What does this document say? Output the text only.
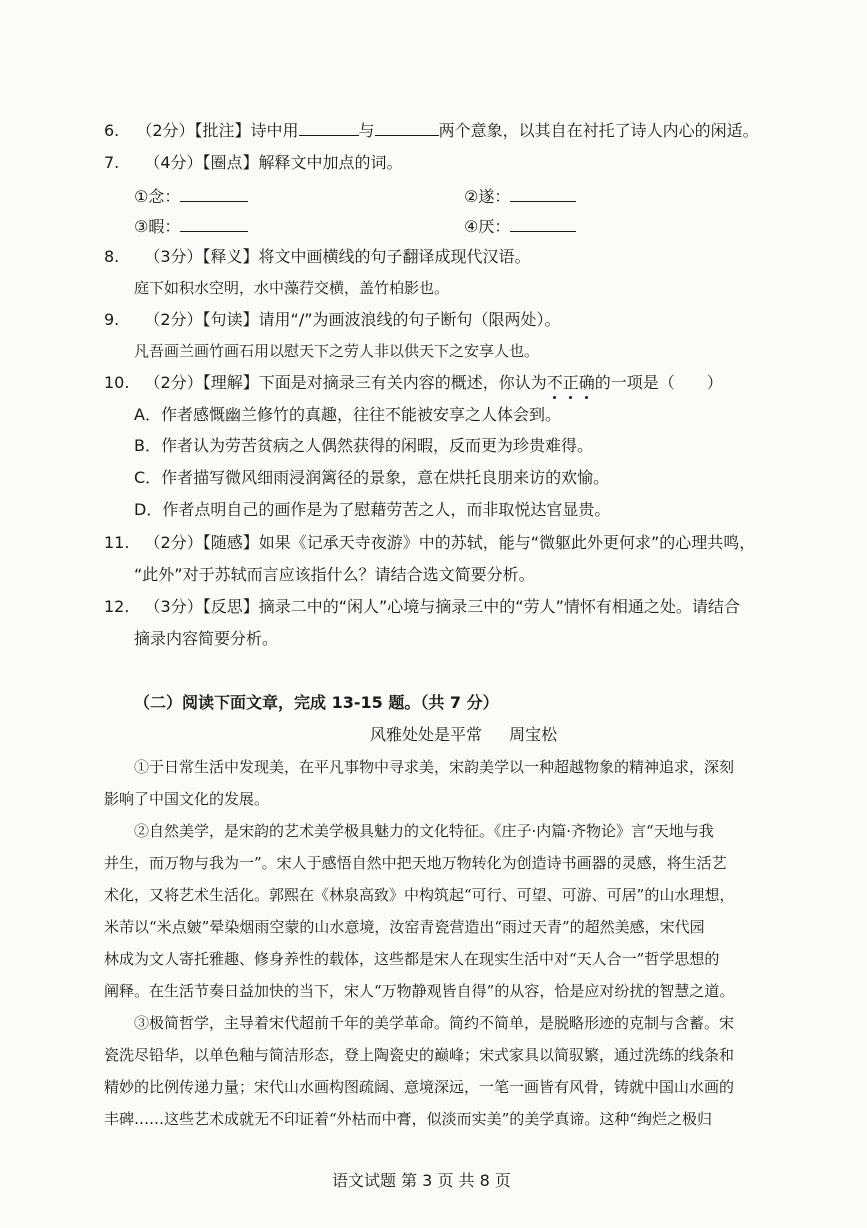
6. （2分）【批注】诗中用	与	两个意象，以其自在衬托了诗人内心的闲适。
7. （4分）【圈点】解释文中加点的词。
①念：	②遂：
③暇：	④厌：
8. （3分）【释义】将文中画横线的句子翻译成现代汉语。
庭下如积水空明，水中藻荇交横，盖竹柏影也。
9. （2分）【句读】请用“/”为画波浪线的句子断句（限两处）。
凡吾画兰画竹画石用以慰天下之劳人非以供天下之安享人也。
10. （2分）【理解】下面是对摘录三有关内容的概述，你认为不正确的一项是（　　）
A．作者感慨幽兰修竹的真趣，往往不能被安享之人体会到。
B．作者认为劳苦贫病之人偶然获得的闲暇，反而更为珍贵难得。
C．作者描写微风细雨浸润篱径的景象，意在烘托良朋来访的欢愉。
D．作者点明自己的画作是为了慰藉劳苦之人，而非取悦达官显贵。
11. （2分）【随感】如果《记承天寺夜游》中的苏轼，能与“微躯此外更何求”的心理共鸣，
“此外”对于苏轼而言应该指什么？请结合选文简要分析。
12. （3分）【反思】摘录二中的“闲人”心境与摘录三中的“劳人”情怀有相通之处。请结合
摘录内容简要分析。
（二）阅读下面文章，完成 13-15 题。（共 7 分）
风雅处处是平常 周宝松
①于日常生活中发现美，在平凡事物中寻求美，宋韵美学以一种超越物象的精神追求，深刻
影响了中国文化的发展。
②自然美学，是宋韵的艺术美学极具魅力的文化特征。《庄子·内篇·齐物论》言“天地与我
并生，而万物与我为一”。宋人于感悟自然中把天地万物转化为创造诗书画器的灵感，将生活艺
术化，又将艺术生活化。郭熙在《林泉高致》中构筑起“可行、可望、可游、可居”的山水理想，
米芾以“米点皴”晕染烟雨空蒙的山水意境，汝窑青瓷营造出“雨过天青”的超然美感，宋代园
林成为文人寄托雅趣、修身养性的载体，这些都是宋人在现实生活中对“天人合一”哲学思想的
阐释。在生活节奏日益加快的当下，宋人“万物静观皆自得”的从容，恰是应对纷扰的智慧之道。
③极简哲学，主导着宋代超前千年的美学革命。简约不简单，是脱略形迹的克制与含蓄。宋
瓷洗尽铅华，以单色釉与简洁形态，登上陶瓷史的巅峰；宋式家具以简驭繁，通过洗练的线条和
精妙的比例传递力量；宋代山水画构图疏阔、意境深远，一笔一画皆有风骨，铸就中国山水画的
丰碑……这些艺术成就无不印证着“外枯而中膏，似淡而实美”的美学真谛。这种“绚烂之极归
语文试题 第 3 页 共 8 页
